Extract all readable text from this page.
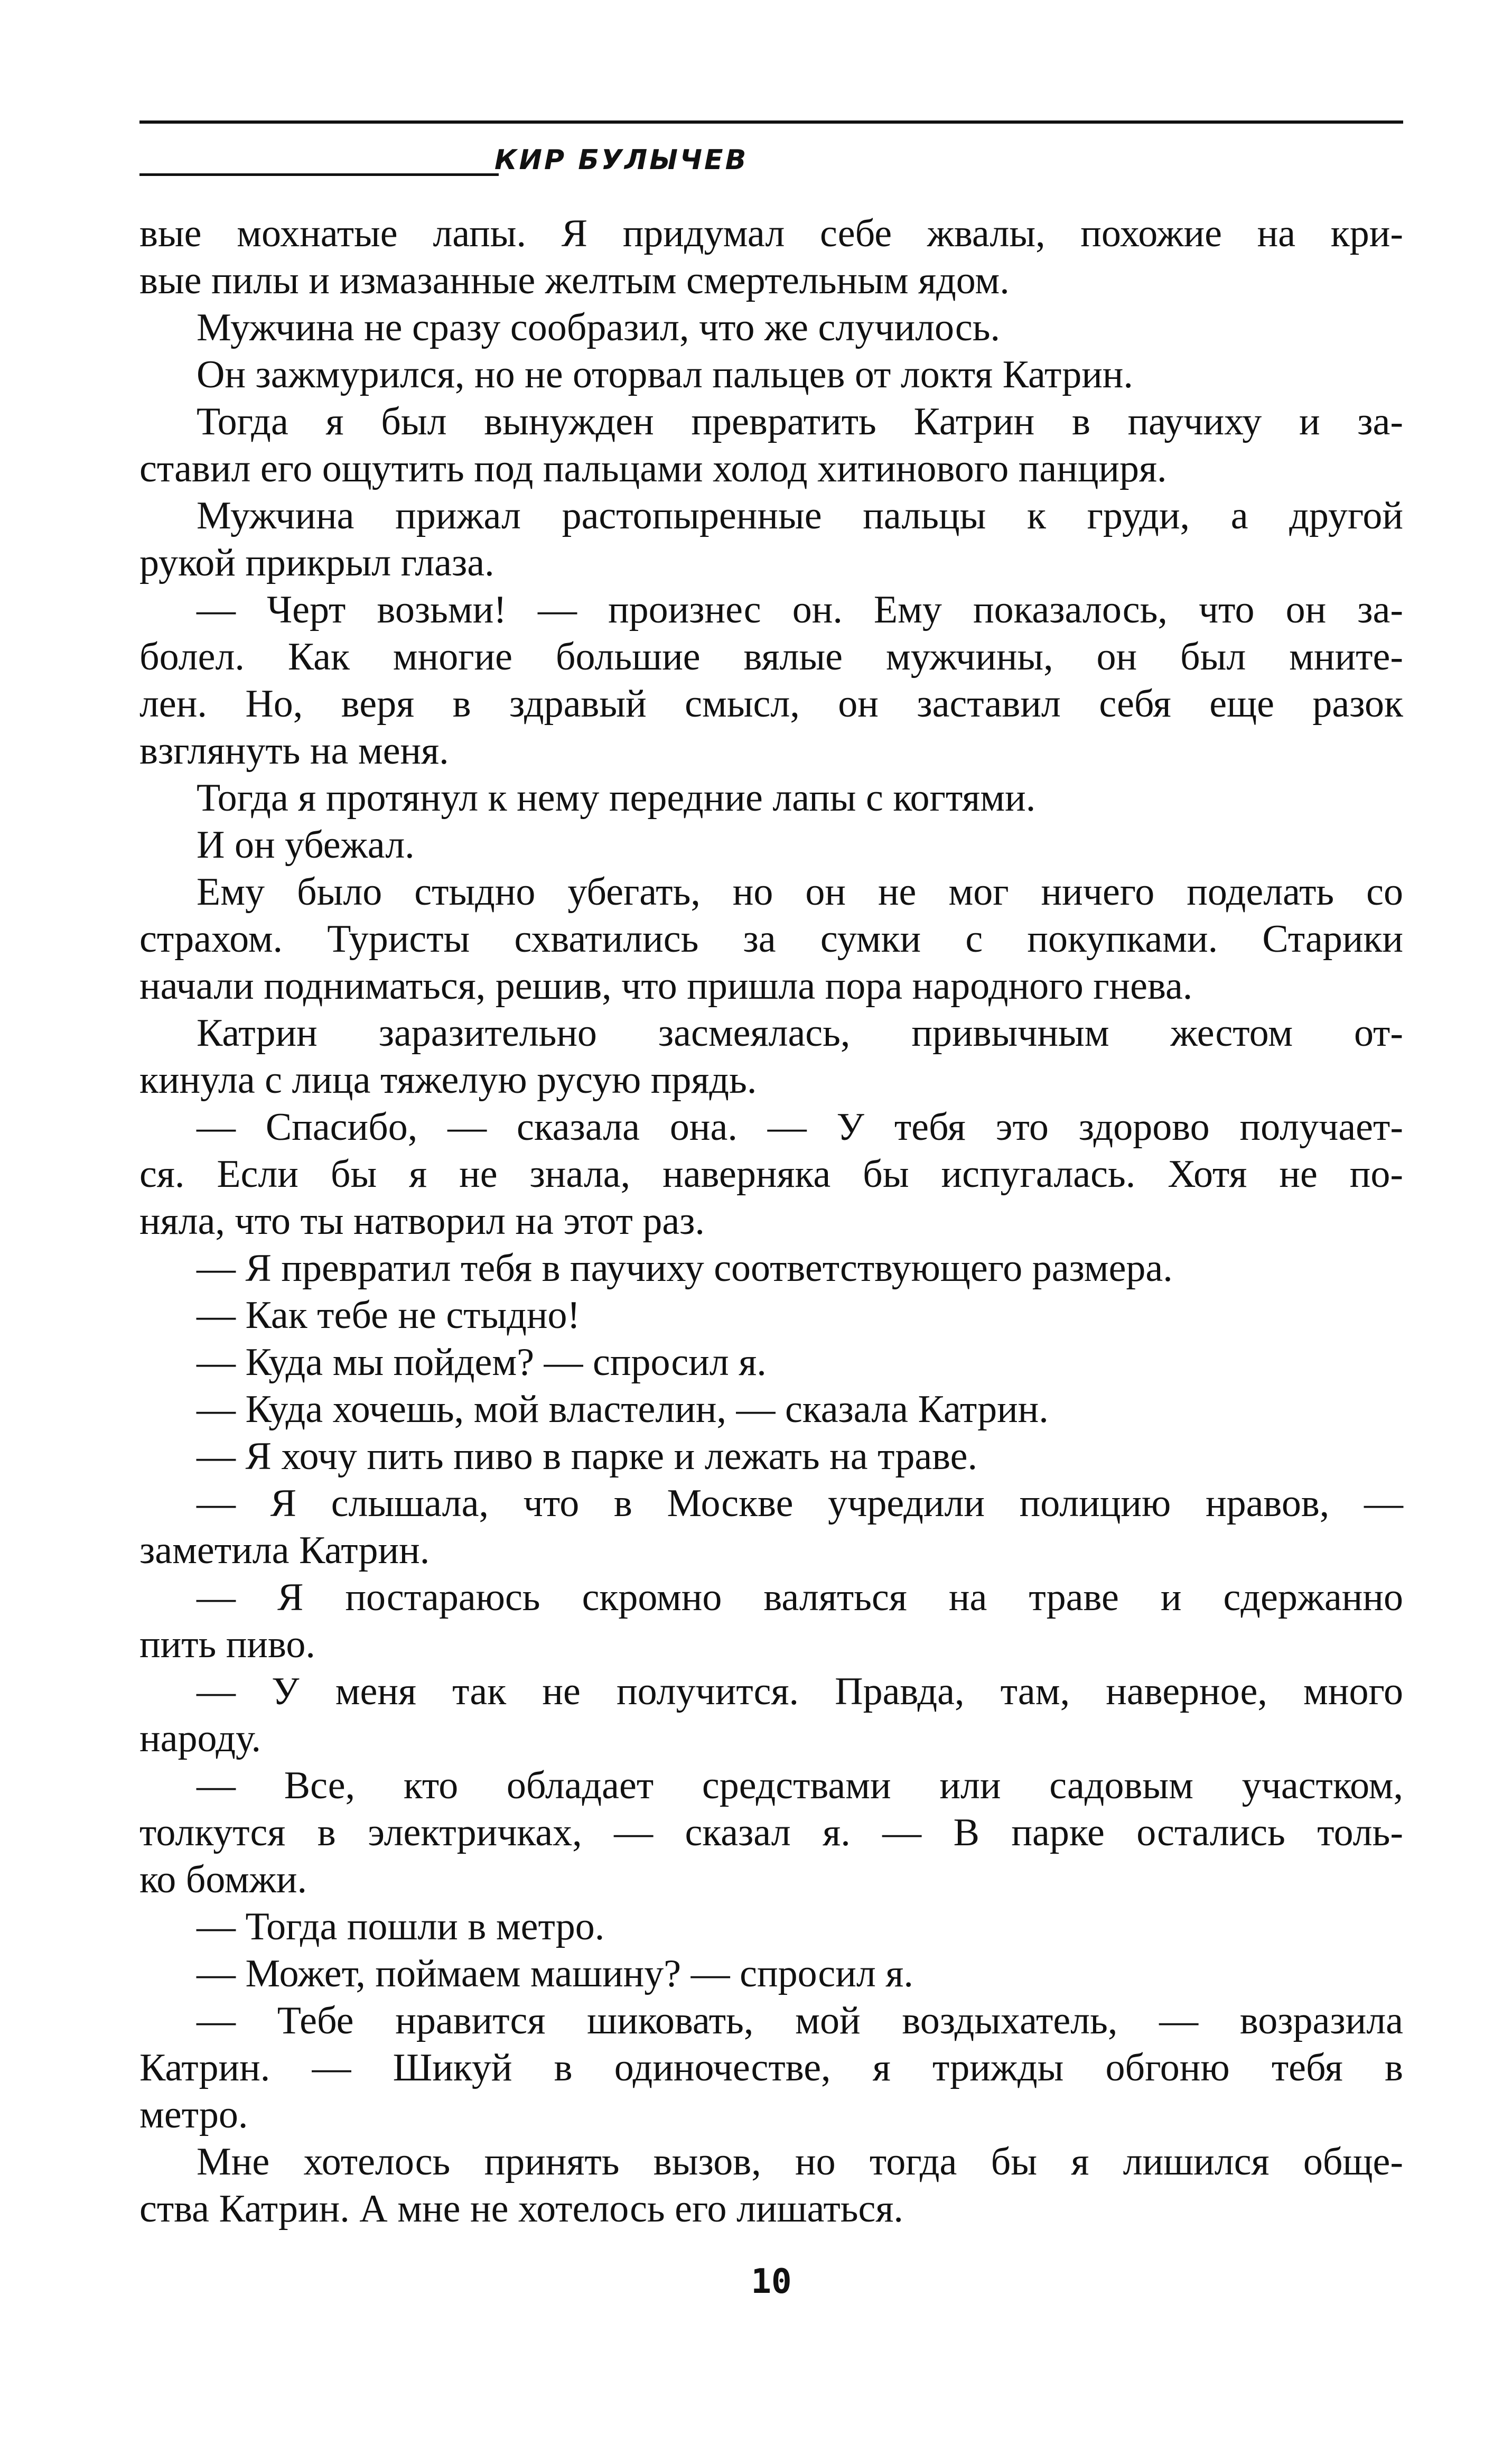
КИР БУЛЫЧЕВ
вые мохнатые лапы. Я придумал себе жвалы, похожие на кри-
вые пилы и измазанные желтым смертельным ядом.
Мужчина не сразу сообразил, что же случилось.
Он зажмурился, но не оторвал пальцев от локтя Катрин.
Тогда я был вынужден превратить Катрин в паучиху и за-
ставил его ощутить под пальцами холод хитинового панциря.
Мужчина прижал растопыренные пальцы к груди, а другой
рукой прикрыл глаза.
— Черт возьми! — произнес он. Ему показалось, что он за-
болел. Как многие большие вялые мужчины, он был мните-
лен. Но, веря в здравый смысл, он заставил себя еще разок
взглянуть на меня.
Тогда я протянул к нему передние лапы с когтями.
И он убежал.
Ему было стыдно убегать, но он не мог ничего поделать со
страхом. Туристы схватились за сумки с покупками. Старики
начали подниматься, решив, что пришла пора народного гнева.
Катрин заразительно засмеялась, привычным жестом от-
кинула с лица тяжелую русую прядь.
— Спасибо, — сказала она. — У тебя это здорово получает-
ся. Если бы я не знала, наверняка бы испугалась. Хотя не по-
няла, что ты натворил на этот раз.
— Я превратил тебя в паучиху соответствующего размера.
— Как тебе не стыдно!
— Куда мы пойдем? — спросил я.
— Куда хочешь, мой властелин, — сказала Катрин.
— Я хочу пить пиво в парке и лежать на траве.
— Я слышала, что в Москве учредили полицию нравов, —
заметила Катрин.
— Я постараюсь скромно валяться на траве и сдержанно
пить пиво.
— У меня так не получится. Правда, там, наверное, много
народу.
— Все, кто обладает средствами или садовым участком,
толкутся в электричках, — сказал я. — В парке остались толь-
ко бомжи.
— Тогда пошли в метро.
— Может, поймаем машину? — спросил я.
— Тебе нравится шиковать, мой воздыхатель, — возразила
Катрин. — Шикуй в одиночестве, я трижды обгоню тебя в
метро.
Мне хотелось принять вызов, но тогда бы я лишился обще-
ства Катрин. А мне не хотелось его лишаться.
10
